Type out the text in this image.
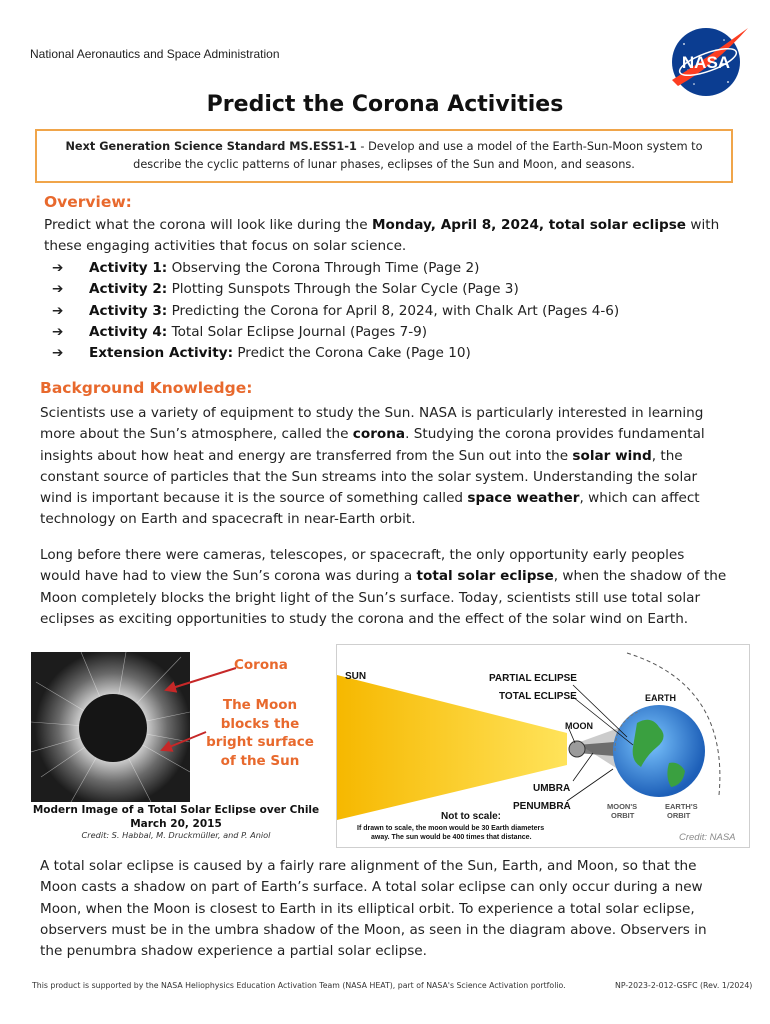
National Aeronautics and Space Administration	NASA
Predict the Corona Activities
Next Generation Science Standard MS.ESS1-1 - Develop and use a model of the Earth-Sun-Moon system to
describe the cyclic patterns of lunar phases, eclipses of the Sun and Moon, and seasons.
Overview:
Predict what the corona will look like during the Monday, April 8, 2024, total solar eclipse with
these engaging activities that focus on solar science.
➔	Activity 1: Observing the Corona Through Time (Page 2)
➔	Activity 2: Plotting Sunspots Through the Solar Cycle (Page 3)
➔	Activity 3: Predicting the Corona for April 8, 2024, with Chalk Art (Pages 4-6)
➔	Activity 4: Total Solar Eclipse Journal (Pages 7-9)
➔	Extension Activity: Predict the Corona Cake (Page 10)
Background Knowledge:
Scientists use a variety of equipment to study the Sun. NASA is particularly interested in learning
more about the Sun’s atmosphere, called the corona. Studying the corona provides fundamental
insights about how heat and energy are transferred from the Sun out into the solar wind, the
constant source of particles that the Sun streams into the solar system. Understanding the solar
wind is important because it is the source of something called space weather, which can affect
technology on Earth and spacecraft in near-Earth orbit.
Long before there were cameras, telescopes, or spacecraft, the only opportunity early peoples
would have had to view the Sun’s corona was during a total solar eclipse, when the shadow of the
Moon completely blocks the bright light of the Sun’s surface. Today, scientists still use total solar
eclipses as exciting opportunities to study the corona and the effect of the solar wind on Earth.
Corona
The Moon
blocks the
bright surface
of the Sun
Modern Image of a Total Solar Eclipse over Chile
March 20, 2015
Credit: S. Habbal, M. Druckmüller, and P. Aniol
SUN	PARTIAL ECLIPSE
TOTAL ECLIPSE	EARTH
MOON
UMBRA
PENUMBRA	MOON'S
ORBIT
EARTH'S
ORBIT
Not to scale:
If drawn to scale, the moon would be 30 Earth diameters
away. The sun would be 400 times that distance.	Credit: NASA
A total solar eclipse is caused by a fairly rare alignment of the Sun, Earth, and Moon, so that the
Moon casts a shadow on part of Earth’s surface. A total solar eclipse can only occur during a new
Moon, when the Moon is closest to Earth in its elliptical orbit. To experience a total solar eclipse,
observers must be in the umbra shadow of the Moon, as seen in the diagram above. Observers in
the penumbra shadow experience a partial solar eclipse.
This product is supported by the NASA Heliophysics Education Activation Team (NASA HEAT), part of NASA's Science Activation portfolio.	NP-2023-2-012-GSFC (Rev. 1/2024)
